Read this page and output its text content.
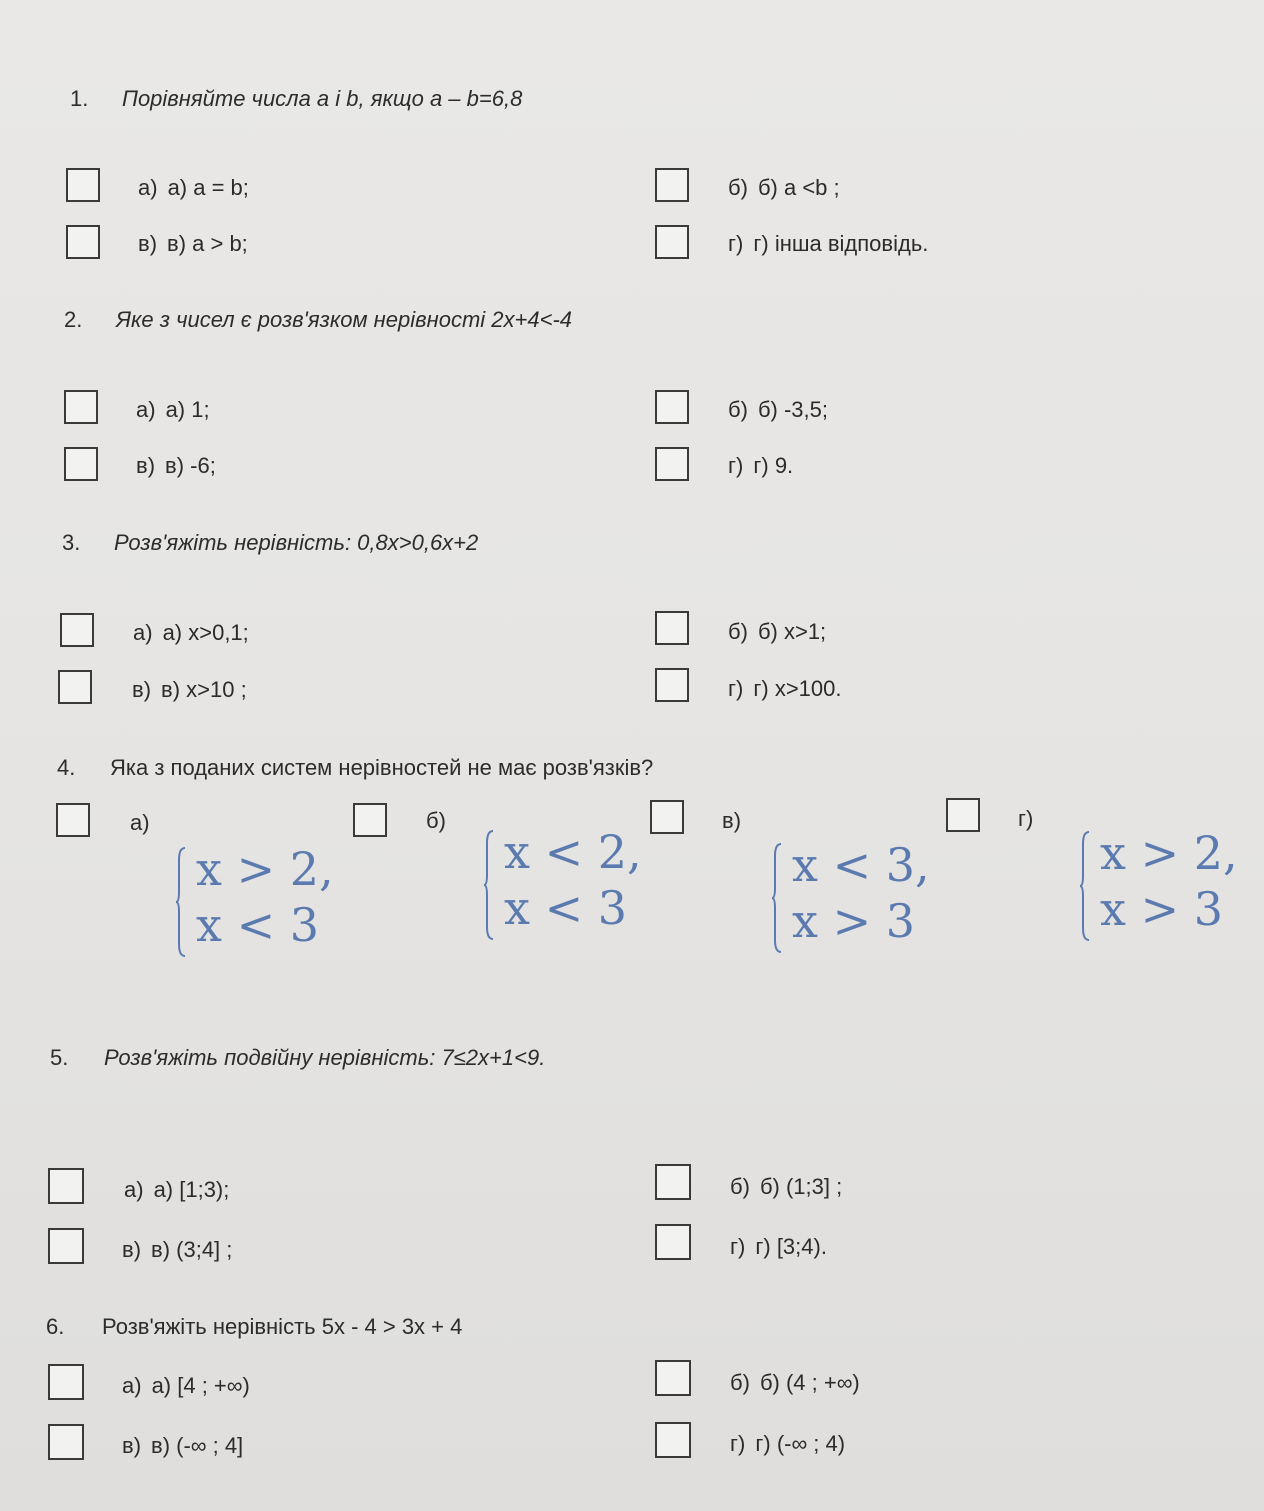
1. Порівняйте числа a і b, якщо a – b=6,8
а) а) a = b;	б) б) a <b ;
в) в) a > b;	г) г) інша відповідь.
2. Яке з чисел є розв'язком нерівності 2x+4<-4
а) а) 1;	б) б) -3,5;
в) в) -6;	г) г) 9.
3. Розв'яжіть нерівність: 0,8x>0,6x+2
а) а) x>0,1;	б) б) x>1;
в) в) x>10 ;	г) г) x>100.
4. Яка з поданих систем нерівностей не має розв'язків?
а)
x > 2,
x < 3
б)
x < 2,
x < 3
в)
x < 3,
x > 3
г)
x > 2,
x > 3
5. Розв'яжіть подвійну нерівність: 7≤2x+1<9.
а) а) [1;3);	б) б) (1;3] ;
в) в) (3;4] ;	г) г) [3;4).
6. Розв'яжіть нерівність 5x - 4 > 3x + 4
а) а) [4 ; +∞)	б) б) (4 ; +∞)
в) в) (-∞ ; 4]	г) г) (-∞ ; 4)
